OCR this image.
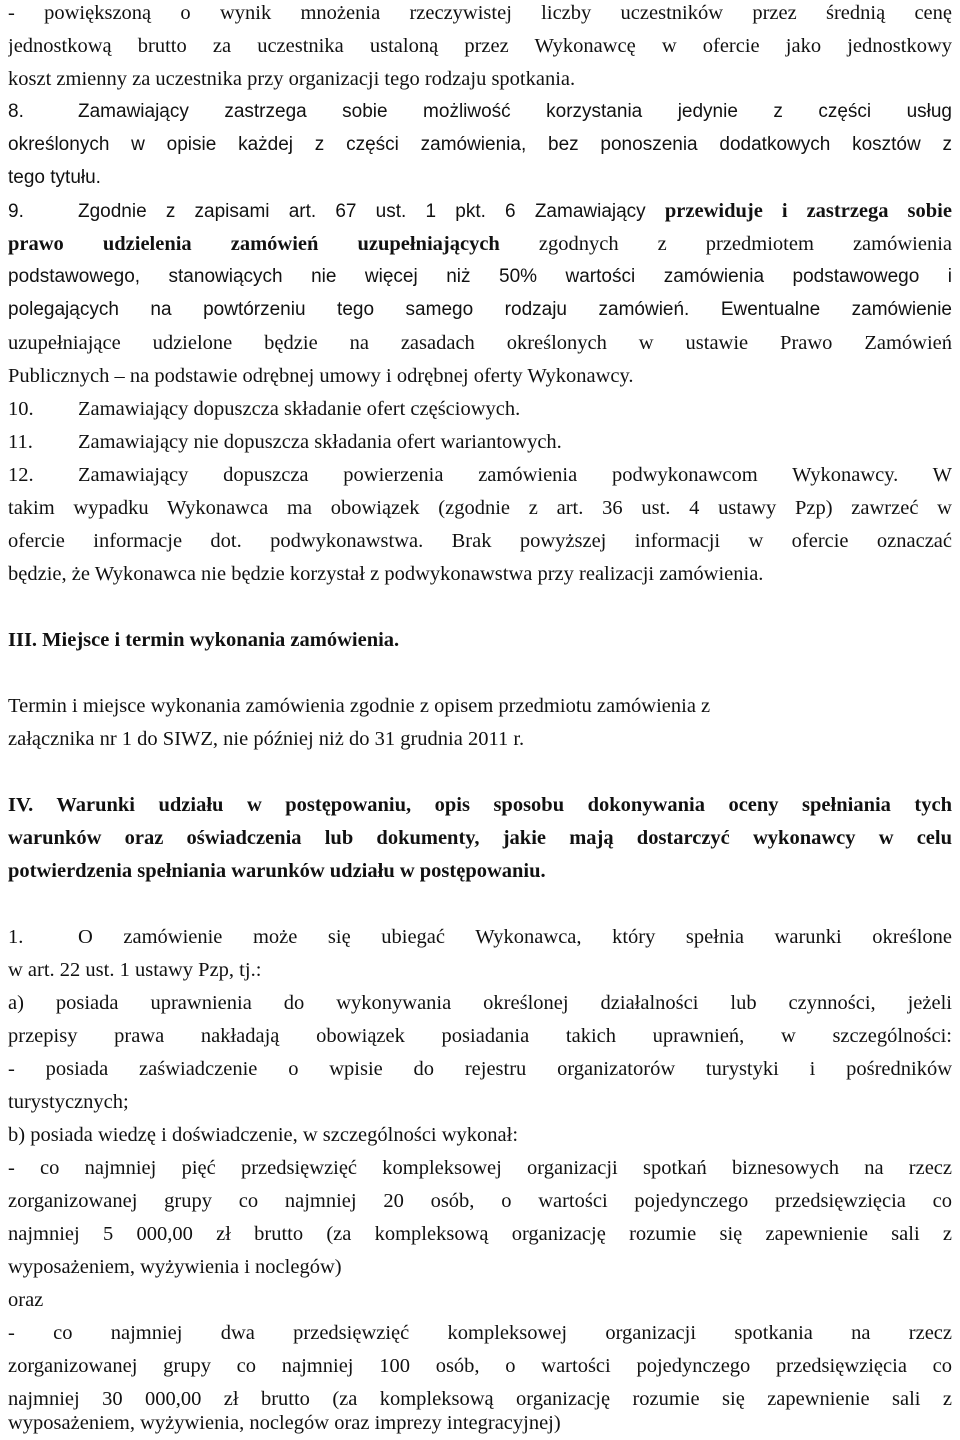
- powiększoną o wynik mnożenia rzeczywistej liczby uczestników przez średnią cenę
jednostkową brutto za uczestnika ustaloną przez Wykonawcę w ofercie jako jednostkowy
koszt zmienny za uczestnika przy organizacji tego rodzaju spotkania.
8.	Zamawiający zastrzega sobie możliwość korzystania jedynie z części usług
określonych w opisie każdej z części zamówienia, bez ponoszenia dodatkowych kosztów z
tego tytułu.
9.	Zgodnie z zapisami art. 67 ust. 1 pkt. 6 Zamawiający przewiduje i zastrzega sobie
prawo udzielenia zamówień uzupełniających zgodnych z przedmiotem zamówienia
podstawowego, stanowiących nie więcej niż 50% wartości zamówienia podstawowego i
polegających na powtórzeniu tego samego rodzaju zamówień. Ewentualne zamówienie
uzupełniające udzielone będzie na zasadach określonych w ustawie Prawo Zamówień
Publicznych – na podstawie odrębnej umowy i odrębnej oferty Wykonawcy.
10. Zamawiający dopuszcza składanie ofert częściowych.
11. Zamawiający nie dopuszcza składania ofert wariantowych.
12. Zamawiający dopuszcza powierzenia zamówienia podwykonawcom Wykonawcy. W
takim wypadku Wykonawca ma obowiązek (zgodnie z art. 36 ust. 4 ustawy Pzp) zawrzeć w
ofercie informacje dot. podwykonawstwa. Brak powyższej informacji w ofercie oznaczać
będzie, że Wykonawca nie będzie korzystał z podwykonawstwa przy realizacji zamówienia.
III. Miejsce i termin wykonania zamówienia.
Termin i miejsce wykonania zamówienia zgodnie z opisem przedmiotu zamówienia z
załącznika nr 1 do SIWZ, nie później niż do 31 grudnia 2011 r.
IV. Warunki udziału w postępowaniu, opis sposobu dokonywania oceny spełniania tych
warunków oraz oświadczenia lub dokumenty, jakie mają dostarczyć wykonawcy w celu
potwierdzenia spełniania warunków udziału w postępowaniu.
1.	O zamówienie może się ubiegać Wykonawca, który spełnia warunki określone
w art. 22 ust. 1 ustawy Pzp, tj.:
a) posiada uprawnienia do wykonywania określonej działalności lub czynności, jeżeli
przepisy prawa nakładają obowiązek posiadania takich uprawnień, w szczególności:
- posiada zaświadczenie o wpisie do rejestru organizatorów turystyki i pośredników
turystycznych;
b) posiada wiedzę i doświadczenie, w szczególności wykonał:
- co najmniej pięć przedsięwzięć kompleksowej organizacji spotkań biznesowych na rzecz
zorganizowanej grupy co najmniej 20 osób, o wartości pojedynczego przedsięwzięcia co
najmniej 5 000,00 zł brutto (za kompleksową organizację rozumie się zapewnienie sali z
wyposażeniem, wyżywienia i noclegów)
oraz
- co najmniej dwa przedsięwzięć kompleksowej organizacji spotkania na rzecz
zorganizowanej grupy co najmniej 100 osób, o wartości pojedynczego przedsięwzięcia co
najmniej 30 000,00 zł brutto (za kompleksową organizację rozumie się zapewnienie sali z
wyposażeniem, wyżywienia, noclegów oraz imprezy integracyjnej)
